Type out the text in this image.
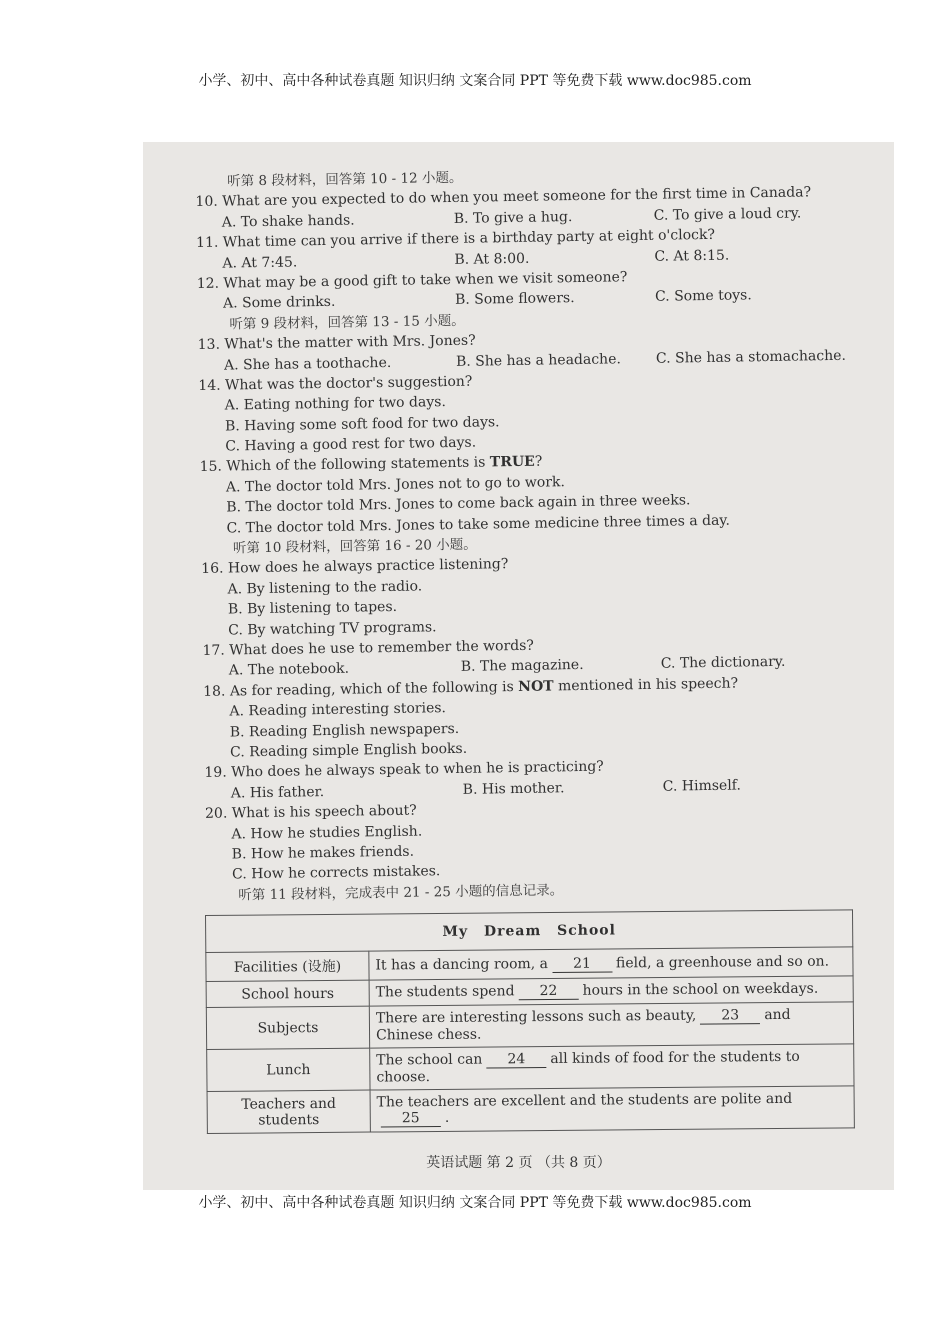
小学、初中、高中各种试卷真题 知识归纳 文案合同 PPT 等免费下载 www.doc985.com
听第 8 段材料，回答第 10 - 12 小题。
10. What are you expected to do when you meet someone for the first time in Canada?
A. To shake hands.	B. To give a hug.	C. To give a loud cry.
11. What time can you arrive if there is a birthday party at eight o'clock?
A. At 7:45.	B. At 8:00.	C. At 8:15.
12. What may be a good gift to take when we visit someone?
A. Some drinks.	B. Some flowers.	C. Some toys.
听第 9 段材料，回答第 13 - 15 小题。
13. What's the matter with Mrs. Jones?
A. She has a toothache.	B. She has a headache. C. She has a stomachache.
14. What was the doctor's suggestion?
A. Eating nothing for two days.
B. Having some soft food for two days.
C. Having a good rest for two days.
15. Which of the following statements is TRUE?
A. The doctor told Mrs. Jones not to go to work.
B. The doctor told Mrs. Jones to come back again in three weeks.
C. The doctor told Mrs. Jones to take some medicine three times a day.
听第 10 段材料，回答第 16 - 20 小题。
16. How does he always practice listening?
A. By listening to the radio.
B. By listening to tapes.
C. By watching TV programs.
17. What does he use to remember the words?
A. The notebook.	B. The magazine.	C. The dictionary.
18. As for reading, which of the following is NOT mentioned in his speech?
A. Reading interesting stories.
B. Reading English newspapers.
C. Reading simple English books.
19. Who does he always speak to when he is practicing?
A. His father.	B. His mother.	C. Himself.
20. What is his speech about?
A. How he studies English.
B. How he makes friends.
C. How he corrects mistakes.
听第 11 段材料，完成表中 21 - 25 小题的信息记录。
My Dream School	
Facilities (设施)	It has a dancing room, a 21 field, a greenhouse and so on.
School hours	The students spend 22 hours in the school on weekdays.
Subjects	There are interesting lessons such as beauty, 23 and Chinese chess.
Lunch	The school can 24 all kinds of food for the students to choose.
Teachers and students	The teachers are excellent and the students are polite and25 .
英语试题 第 2 页 （共 8 页）
小学、初中、高中各种试卷真题 知识归纳 文案合同 PPT 等免费下载 www.doc985.com
